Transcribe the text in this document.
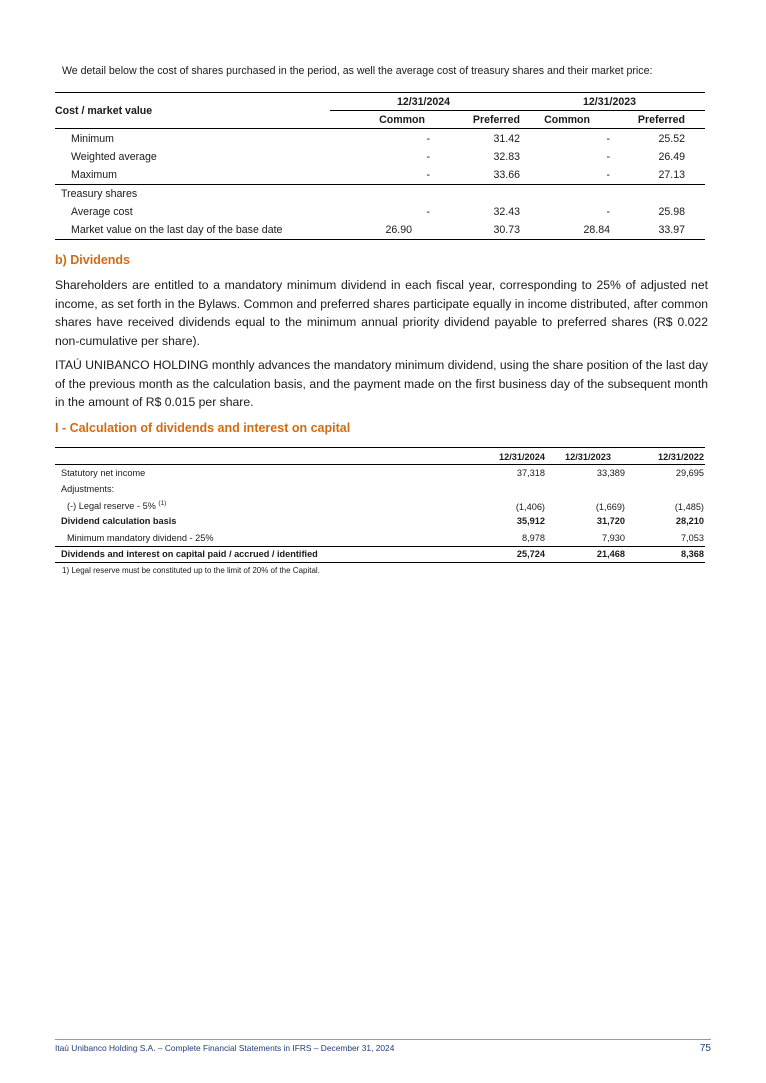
We detail below the cost of shares purchased in the period, as well the average cost of treasury shares and their market price:
Cost / market value
12/31/2024	12/31/2023
Common	Preferred	Common	Preferred
Minimum	-	31.42	-	25.52
Weighted average	-	32.83	-	26.49
Maximum	-	33.66	-	27.13
Treasury shares
Average cost	-	32.43	-	25.98
Market value on the last day of the base date	26.90	30.73	28.84	33.97
b) Dividends
Shareholders are entitled to a mandatory minimum dividend in each fiscal year, corresponding to 25% of adjusted net income, as set forth in the Bylaws. Common and preferred shares participate equally in income distributed, after common shares have received dividends equal to the minimum annual priority dividend payable to preferred shares (R$ 0.022 non-cumulative per share).
ITAÚ UNIBANCO HOLDING monthly advances the mandatory minimum dividend, using the share position of the last day of the previous month as the calculation basis, and the payment made on the first business day of the subsequent month in the amount of R$ 0.015 per share.
I - Calculation of dividends and interest on capital
12/31/2024	12/31/2023	12/31/2022
Statutory net income	37,318	33,389	29,695
Adjustments:
(-) Legal reserve - 5% $^{(1)}$	(1,406)	(1,669)	(1,485)
Dividend calculation basis	35,912	31,720	28,210
Minimum mandatory dividend - 25%	8,978	7,930	7,053
Dividends and interest on capital paid / accrued / identified	25,724	21,468	8,368
1) Legal reserve must be constituted up to the limit of 20% of the Capital.
Itaú Unibanco Holding S.A. – Complete Financial Statements in IFRS – December 31, 2024	75
